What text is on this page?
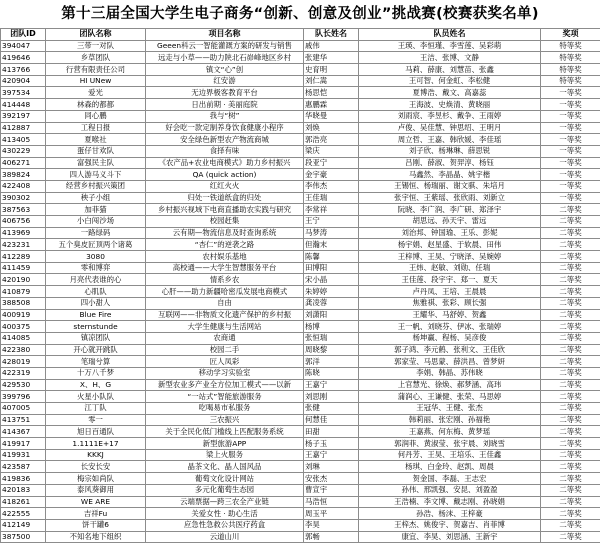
第十三届全国大学生电子商务“创新、创意及创业”挑战赛(校赛获奖名单)
团队ID	团队名称	项目名称	队长姓名	队员姓名	奖项
394047	三带一对队	Geeen科云一智能灌溉方案的研发与销售	戚伟	王瑛、李恒瑾、李雪莲、吴彩萌	特等奖
419646	乡草团队	远走与小草——助力陕北石峁峰地区乡村	张建华	王洁、张博、文静	特等奖
413766	行营有限责任公司	镇文“心”创	史育明	马莉、薛康、刘慧苗、张鑫	特等奖
420904	HI UNew	红安游	刘仁嵩	王可智、何金虹、李松健	特等奖
397534	爱光	无边界极客教育平台	杨思恺	夏博浩、戴文、高嘉蕊	一等奖
414448	林森的都都	日出前期 · 美丽庭院	惠鹏霖	王海波、史焕清、黄晓丽	一等奖
392197	同心鹏	我与“树”	华晓曼	刘雨宸、李昱杉、戴争、王雨婷	一等奖
412887	工程日报	好会吃一款定制养身饮食健康小程序	刘焕	卢俊、吴佳慧、钟思绍、王明月	一等奖
413405	夏喉社	安全绿色新型农产物流商城	郭浩亮	周立哲、王嘉、韩欣媛、李佳瑶	一等奖
430229	蛋仔甘欢队	食择有味	梁庆	刘子欣、杨琳琳、薛思锐	一等奖
406271	富强民主队	《农产品+农业电商模式》助力乡村振兴	段亚宁	吕刚、薛淑、贺羿淳、杨钰	一等奖
389824	四人游马义斗下	QA (quick action)	金宇豪	马鑫然、李晶晶、姚宇楷	一等奖
422408	经营乡村振兴策团	红红火火	李伟杰	王锡恒、杨瑞丽、谢文骐、朱培月	一等奖
390302	秧子小组	归处一铁道纸盒的归处	王佳瑞	张宇恒、王紫瑶、张欣雨、刘新立	一等奖
387563	加菲猫	乡村振兴视域下电商直播助农实践与研究	李常祥	阮晓、李广润、李广研、郑泽宇	二等奖
406756	小白闯沙场	校园赶集	王宁	胡思远、孙天宇、雷远	二等奖
413969	一路绿码	云有期—物流信息及时查询系统	马梦涛	刘治邦、钟国瑜、王乐、彭妮	二等奖
423231	五个臭皮匠顶两个诸葛	“杏仁”的逆袭之路	但瀚末	杨宇娟、赵星盛、于软晨、田伟	二等奖
412289	3080	农村娱乐基地	陈馨	王梓博、王昊、宁晓泽、吴婉婷	二等奖
411459	零和博弈	高校通——大学生智慧服务平台	田博阳	王炜、赵敏、刘勋、任瑞	二等奖
420190	月亮代表谁的心	情系乡农	宋小晶	王佳莲、段宇宇、郑一、夏天	二等奖
410879	心肌队	心肝——助力新疆哈密瓜发展电商模式	朱婷婷	卢丹凤、王培、王晨晨	二等奖
388508	四小甜人	自由	龚凌蓉	焦雅祺、张彩、顾长强	二等奖
400919	Blue Fire	互联网——非物质文化遗产保护的乡村振	刘潇阳	王耀华、马舒婷、贺鑫	二等奖
400375	sternstunde	大学生健康与生活网站	杨博	王一帆、刘晓芬、伊冰、张瑞婷	二等奖
414085	镇凉团队	农商通	张恒瑞	杨坤赢、程杨、吴彦俊	二等奖
422380	开心就开跳队	校园二手	周晓黎	郭子鸿、李元鹤、张利文、王佳欣	二等奖
428019	笔瑞兮算	匠人凤彩	郭洋	郭家莹、马思蒙、薛洪昌、曾梦妍	二等奖
422319	十万八千梦	移动学习实验室	陈晓	李娟、韩晶、苏伟晓	二等奖
429530	X、H、G	新型农业多产业全方位加工模式——以新	王嘉宁	上官慧光、徐焕、郝梦涵、高玮	二等奖
399796	火星小队队	“一站式”智能旅游服务	刘思刚	蒲润心、王谦健、张荣、马思婷	二等奖
407005	江丁队	吃喝易市私服务	张健	王冠华、王健、张杰	二等奖
413751	零一	三农振兴	何慧佳	韩莉丽、张宏刚、孙福艳	二等奖
414367	旭日百通队	关于全民化低门槛线上匹配服务系统	田甜	王嘉燕、何东梅、黄梦瑶	二等奖
419917	1.1111E+17	新型旅游APP	杨子玉	郭润菲、黄淑莹、张宇晨、刘晓雪	二等奖
419931	KKKJ	梁上火服务	王嘉宁	何丹芳、王昊、王培乐、王佳鑫	二等奖
423587	长安长安	晶茶文化、晶人国风品	刘琳	杨琪、白金玲、赵凯、周晨	二等奖
419836	梅宗如尚队	葡萄文化设计网站	安张杰	贺金国、李磊、王志宏	二等奖
420183	泰风葵御用	多元化葡萄生态园	曹宣宇	孙伟、邢凯强、安昆、刘盈盈	二等奖
418261	WE ARE	云端票据—跨三农全产业链	马浩恒	王浩楠、李文博、戴志刚、孙晓娟	二等奖
422555	吉祥Fu	关爱女性 · 助心生活	周玉平	孙浩、杨沫、王梓豪	二等奖
412149	饼干罐6	应急性急救公共医疗药盒	李昊	王梓杰、姚俊宇、贺嘉吉、肖菲博	二等奖
387500	不知名地下组织	云道山川	郭畅	康宜、李昊、刘思涵、王新宇	二等奖
